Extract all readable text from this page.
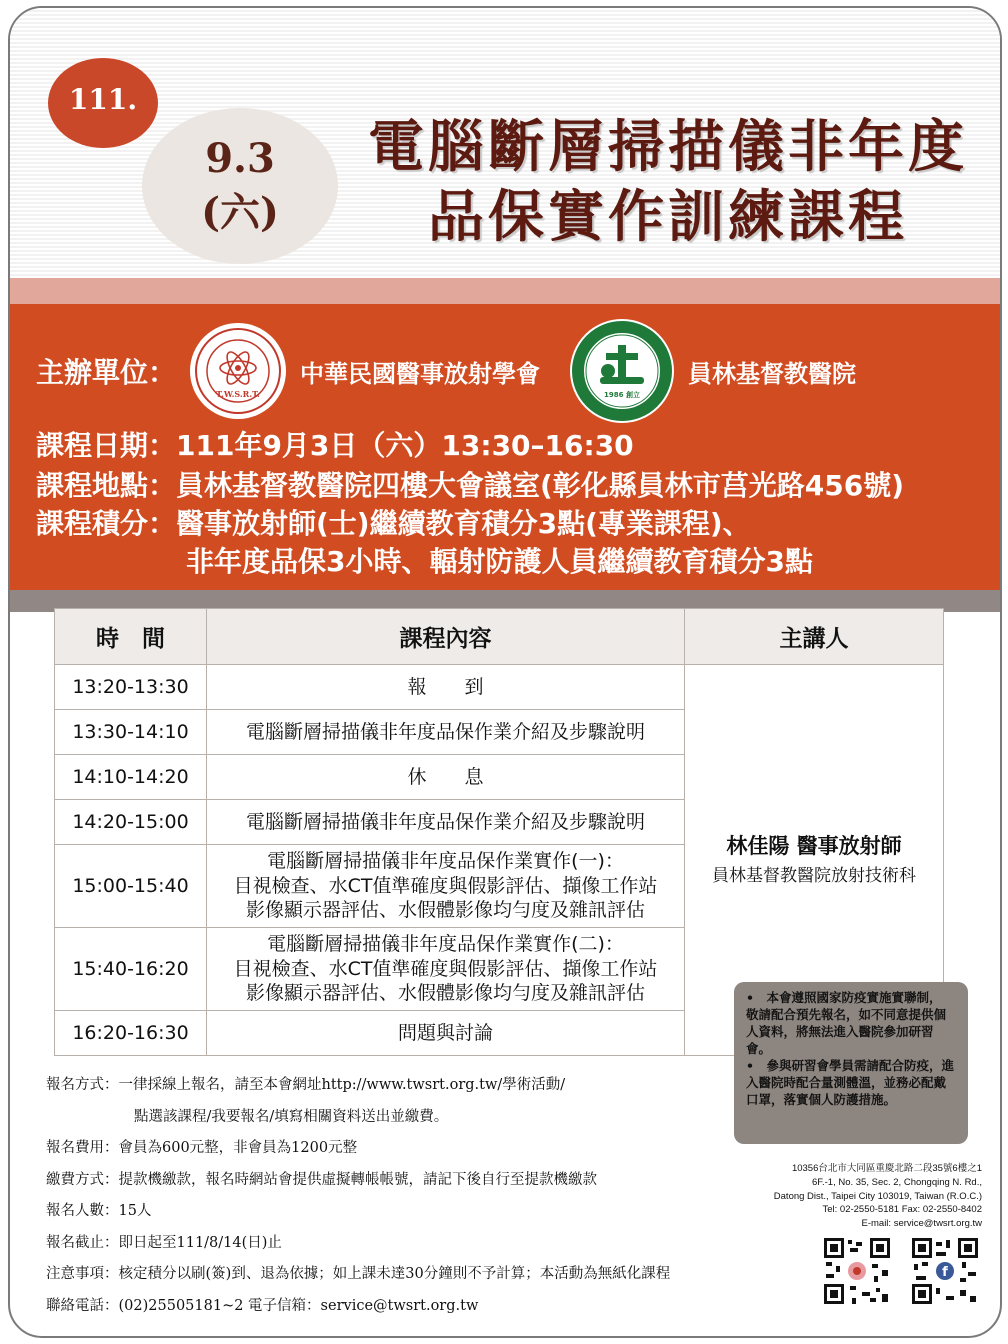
111.
9.3
(六)
電腦斷層掃描儀非年度
品保實作訓練課程
主辦單位：
T.W.S.R.T.
中華民國醫事放射學會
1986 創立
員林基督教醫院
課程日期：111年9月3日（六）13:30–16:30
課程地點：員林基督教醫院四樓大會議室(彰化縣員林市莒光路456號)
課程積分：醫事放射師(士)繼續教育積分3點(專業課程)、
非年度品保3小時、輻射防護人員繼續教育積分3點
時　間	課程內容	主講人
13:20-13:30	報　　到	林佳陽 醫事放射師
員林基督教醫院放射技術科

13:30-14:10	電腦斷層掃描儀非年度品保作業介紹及步驟說明	
14:10-14:20	休　　息	
14:20-15:00	電腦斷層掃描儀非年度品保作業介紹及步驟說明	
15:00-15:40	電腦斷層掃描儀非年度品保作業實作(一)：
目視檢查、水CT值準確度與假影評估、擷像工作站
影像顯示器評估、水假體影像均勻度及雜訊評估	

15:40-16:20	電腦斷層掃描儀非年度品保作業實作(二)：
目視檢查、水CT值準確度與假影評估、擷像工作站
影像顯示器評估、水假體影像均勻度及雜訊評估	

16:20-16:30	問題與討論	
報名方式：一律採線上報名，請至本會網址http://www.twsrt.org.tw/學術活動/
點選該課程/我要報名/填寫相關資料送出並繳費。
報名費用：會員為600元整，非會員為1200元整
繳費方式：提款機繳款，報名時網站會提供虛擬轉帳帳號，請記下後自行至提款機繳款
報名人數：15人
報名截止：即日起至111/8/14(日)止
注意事項：核定積分以刷(簽)到、退為依據；如上課未達30分鐘則不予計算；本活動為無紙化課程
聯絡電話：(02)25505181~2 電子信箱：service@twsrt.org.tw
•　本會遵照國家防疫實施實聯制，　敬請配合預先報名，如不同意提供個人資料，將無法進入醫院參加研習會。
•　參與研習會學員需請配合防疫，進入醫院時配合量測體溫，並務必配戴口罩，落實個人防護措施。
10356台北市大同區重慶北路二段35號6樓之1
6F.-1, No. 35, Sec. 2, Chongqing N. Rd.,
Datong Dist., Taipei City 103019, Taiwan (R.O.C.)
Tel: 02-2550-5181 Fax: 02-2550-8402
E-mail: service@twsrt.org.tw
f
